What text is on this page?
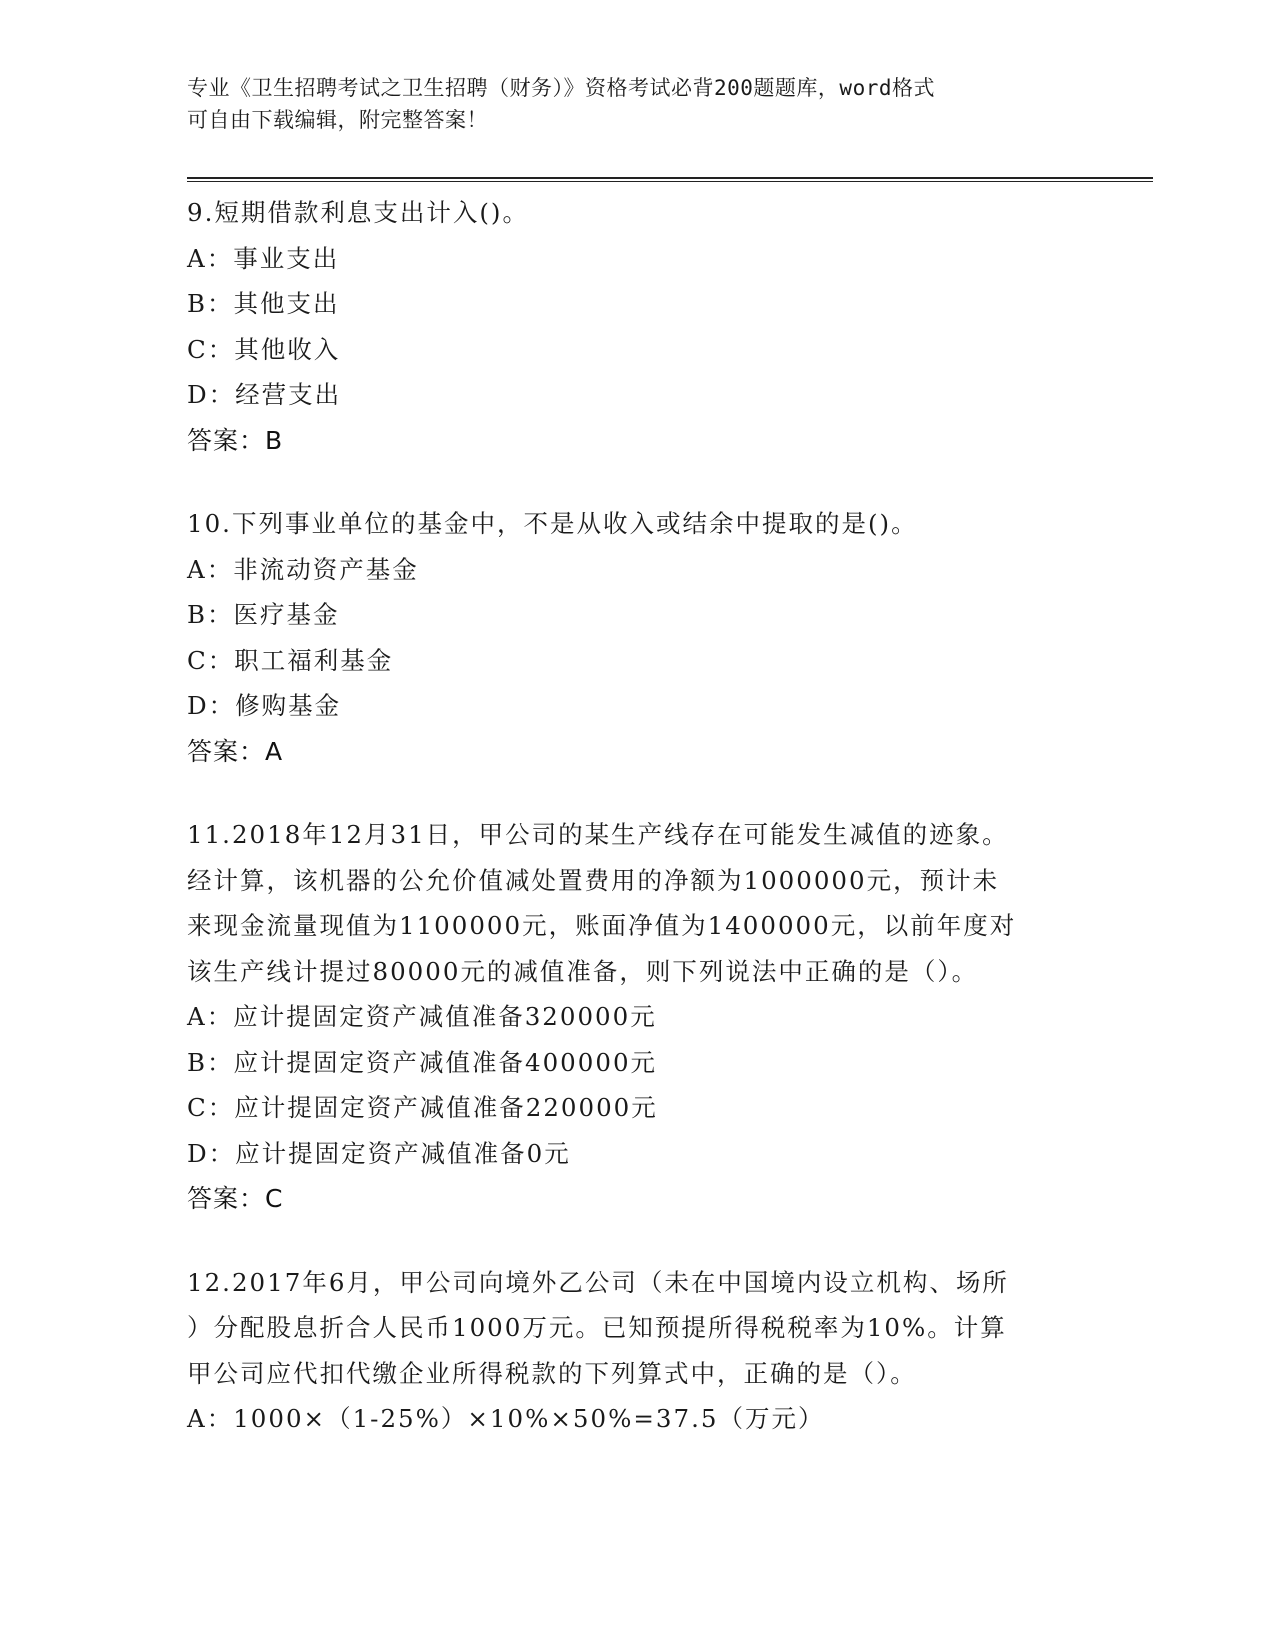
专业《卫生招聘考试之卫生招聘（财务）》资格考试必背200题题库，word格式
可自由下载编辑，附完整答案！
9.短期借款利息支出计入()。
A：事业支出
B：其他支出
C：其他收入
D：经营支出
答案：B
10.下列事业单位的基金中，不是从收入或结余中提取的是()。
A：非流动资产基金
B：医疗基金
C：职工福利基金
D：修购基金
答案：A
11.2018年12月31日，甲公司的某生产线存在可能发生减值的迹象。
经计算，该机器的公允价值减处置费用的净额为1000000元，预计未
来现金流量现值为1100000元，账面净值为1400000元，以前年度对
该生产线计提过80000元的减值准备，则下列说法中正确的是（）。
A：应计提固定资产减值准备320000元
B：应计提固定资产减值准备400000元
C：应计提固定资产减值准备220000元
D：应计提固定资产减值准备0元
答案：C
12.2017年6月，甲公司向境外乙公司（未在中国境内设立机构、场所
）分配股息折合人民币1000万元。已知预提所得税税率为10%。计算
甲公司应代扣代缴企业所得税款的下列算式中，正确的是（）。
A：1000×（1-25%）×10%×50%=37.5（万元）
